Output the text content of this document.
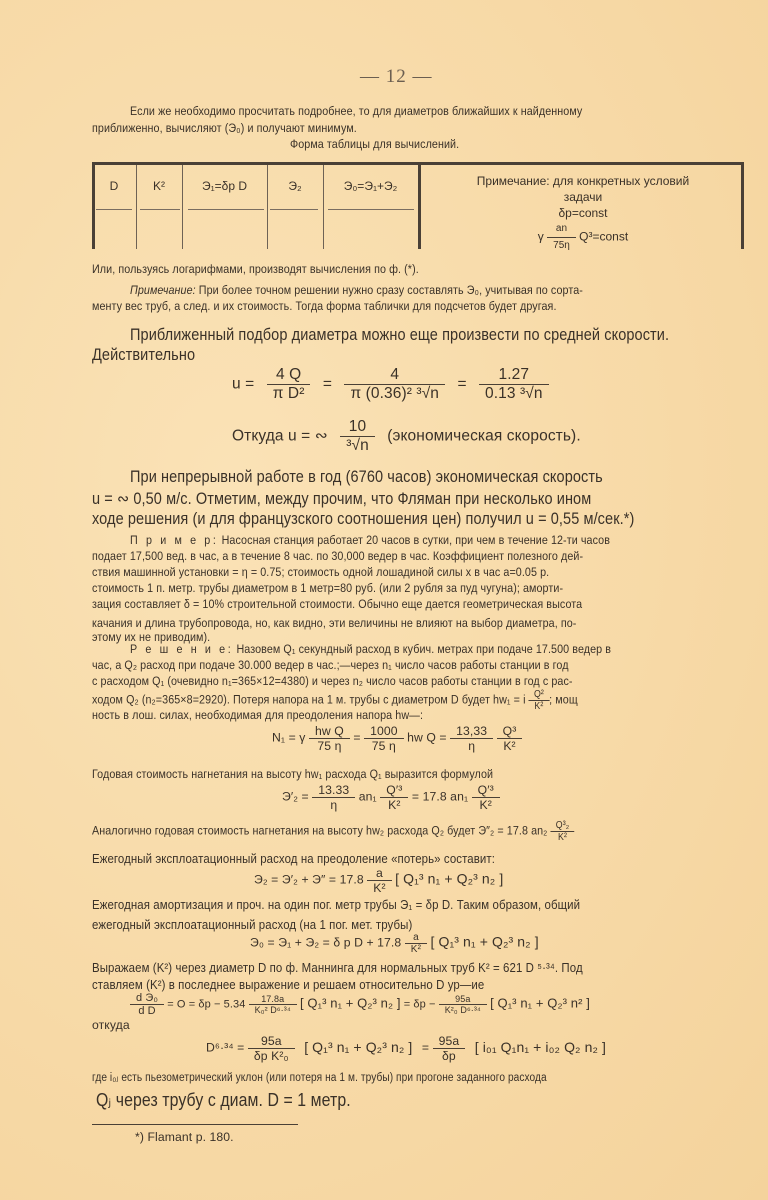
— 12 —
Если же необходимо просчитать подробнее, то для диаметров ближайших к найденному
приближенно, вычисляют (Э₀) и получают минимум.
Форма таблицы для вычислений.
D	K²	Э₁=δp D	Э₂	Э₀=Э₁+Э₂	Примечание: для конкретных условий
задачи
δp=const
γ $\frac{an}{75\eta}$ Q³=const
Или, пользуясь логарифмами, производят вычисления по ф. (*).
Примечание: При более точном решении нужно сразу составлять Э₀, учитывая по сорта-
менту вес труб, а след. и их стоимость. Тогда форма таблички для подсчетов будет другая.
Приближенный подбор диаметра можно еще произвести по средней скорости.
Действительно
$u = \frac{4 Q}{\text{π D²}} = \frac{4}{\text{π (0.36)² ³√n}} = \frac{1.27}{\text{0.13 ³√n}}$
Откуда u = ∾ $\frac{10}{\text{³√n}}$ (экономическая скорость).
При непрерывной работе в год (6760 часов) экономическая скорость
u = ∾ 0,50 м/с. Отметим, между прочим, что Фляман при несколько ином
ходе решения (и для французского соотношения цен) получил u = 0,55 м/сек.*)
П р и м е р: Насосная станция работает 20 часов в сутки, при чем в течение 12-ти часов
подает 17,500 вед. в час, а в течение 8 час. по 30,000 ведер в час. Коэффициент полезного дей-
ствия машинной установки = η = 0.75; стоимость одной лошадиной силы x в час a=0.05 р.
стоимость 1 п. метр. трубы диаметром в 1 метр=80 руб. (или 2 рубля за пуд чугуна); аморти-
зация составляет δ = 10% строительной стоимости. Обычно еще дается геометрическая высота
качания и длина трубопровода, но, как видно, эти величины не влияют на выбор диаметра, по-
этому их не приводим).
Р е ш е н и е: Назовем Q₁ секундный расход в кубич. метрах при подаче 17.500 ведер в
час, а Q₂ расход при подаче 30.000 ведер в час.;—через n₁ число часов работы станции в год
с расходом Q₁ (очевидно n₁=365×12=4380) и через n₂ число часов работы станции в год с рас-
ходом Q₂ (n₂=365×8=2920). Потеря напора на 1 м. трубы с диаметром D будет hw₁ = i $\frac{\text{Q²}}{\text{K²}}$ ; мощ
ность в лош. силах, необходимая для преодоления напора hw—:
N₁ = γ $\frac{\text{hw Q}}{75 \eta} = \frac{1000}{75 \eta}$ hw $Q = \frac{13,33}{\eta}$
$\frac{\text{Q³}}{\text{K²}}$
Годовая стоимость нагнетания на высоту hw₁ расхода Q₁ выразится формулой
$Э'_2 = \frac{13.33}{\eta} an_1 \frac{\text{Q′³}}{\text{K²}} = 17.8$ $an_1 \frac{\text{Q′³}}{\text{K²}}$
Аналогично годовая стоимость нагнетания на высоту hw₂ расхода Q₂ будет Э″₂ = 17.8 $an_2 \frac{\text{Q³₂}}{\text{K²}}$
Ежегодный эксплоатационный расход на преодоление «потерь» составит:
$Э_2 = Э'_2 + Э'' = 17.8 \frac{a}{\text{K²}}$ [ Q₁³ n₁ + Q₂³ n₂ ]
Ежегодная амортизация и проч. на один пог. метр трубы Э₁ = δp D. Таким образом, общий
ежегодный эксплоатационный расход (на 1 пог. мет. трубы)
Э₀ = Э₁ + Э₂ = δ p $D + 17.8 \frac{a}{\text{K²}}$ [ Q₁³ n₁ + Q₂³ n₂ ]
Выражаем (K²) через диаметр D по ф. Маннинга для нормальных труб K² = 621 D ⁵·³⁴. Под
ставляем (K²) в последнее выражение и решаем относительно D ур—ие
$\frac{\text{d Э₀}}{\text{d D}} = O = \delta p - 5.34 \frac{17.8a}{\text{K₀² D⁶·³⁴}}$ [ Q₁³ n₁ + Q₂³ n₂ ] = $\delta p - \frac{95a}{\text{K²₀ D⁶·³⁴}}$ [ Q₁³ n₁ + Q₂³ n² ]
откуда
$D^6\cdot^{34} = \frac{95a}{\text{δp K²₀}}$ [ Q₁³ n₁ + Q₂³ n₂ ] = $\frac{95a}{\delta p}$ [ i₀₁ Q₁n₁ + i₀₂ Q₂ n₂ ]
где i₀ⱼ есть пьезометрический уклон (или потеря на 1 м. трубы) при прогоне заданного расхода
Qⱼ через трубу с диам. D = 1 метр.
*) Flamant p. 180.
